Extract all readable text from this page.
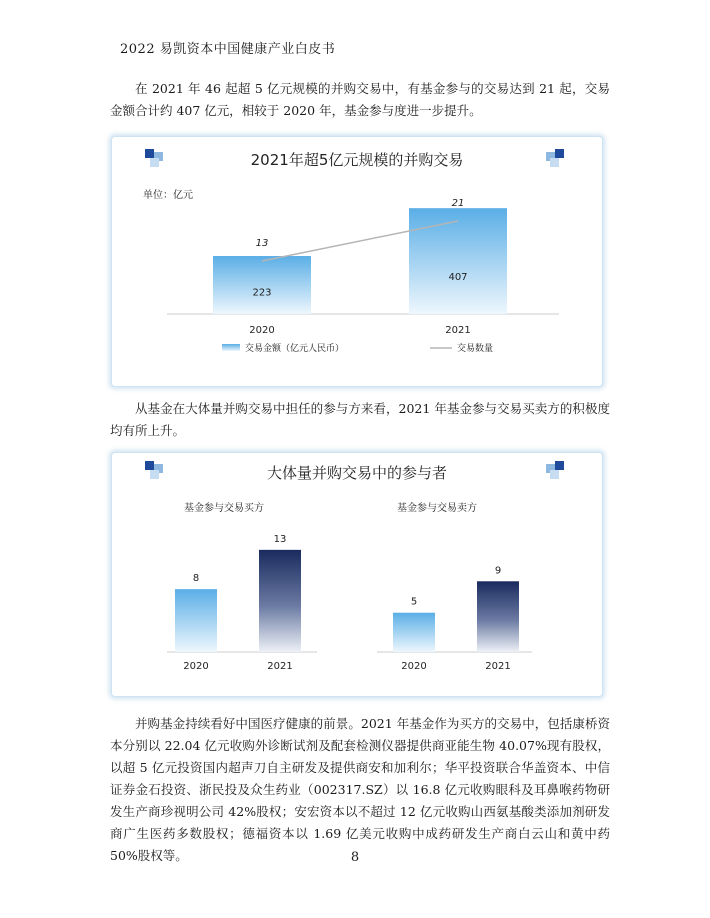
2022 易凯资本中国健康产业白皮书

在 2021 年 46 起超 5 亿元规模的并购交易中，有基金参与的交易达到 21 起，交易金额合计约 407 亿元，相较于 2020 年，基金参与度进一步提升。

2021年超5亿元规模的并购交易
单位：亿元
223
2020
407
2021
13
21
交易金额（亿元人民币）	交易数量

从基金在大体量并购交易中担任的参与方来看，2021 年基金参与交易买卖方的积极度均有所上升。

大体量并购交易中的参与者
基金参与交易买方
8
2020
13
2021
基金参与交易卖方
5
2020
9
2021

并购基金持续看好中国医疗健康的前景。2021 年基金作为买方的交易中，包括康桥资本分别以 22.04 亿元收购外诊断试剂及配套检测仪器提供商亚能生物 40.07%现有股权，以超 5 亿元投资国内超声刀自主研发及提供商安和加利尔；华平投资联合华盖资本、中信证券金石投资、浙民投及众生药业（002317.SZ）以 16.8 亿元收购眼科及耳鼻喉药物研发生产商珍视明公司 42%股权；安宏资本以不超过 12 亿元收购山西氨基酸类添加剂研发商广生医药多数股权；德福资本以 1.69 亿美元收购中成药研发生产商白云山和黄中药 50%股权等。	8
